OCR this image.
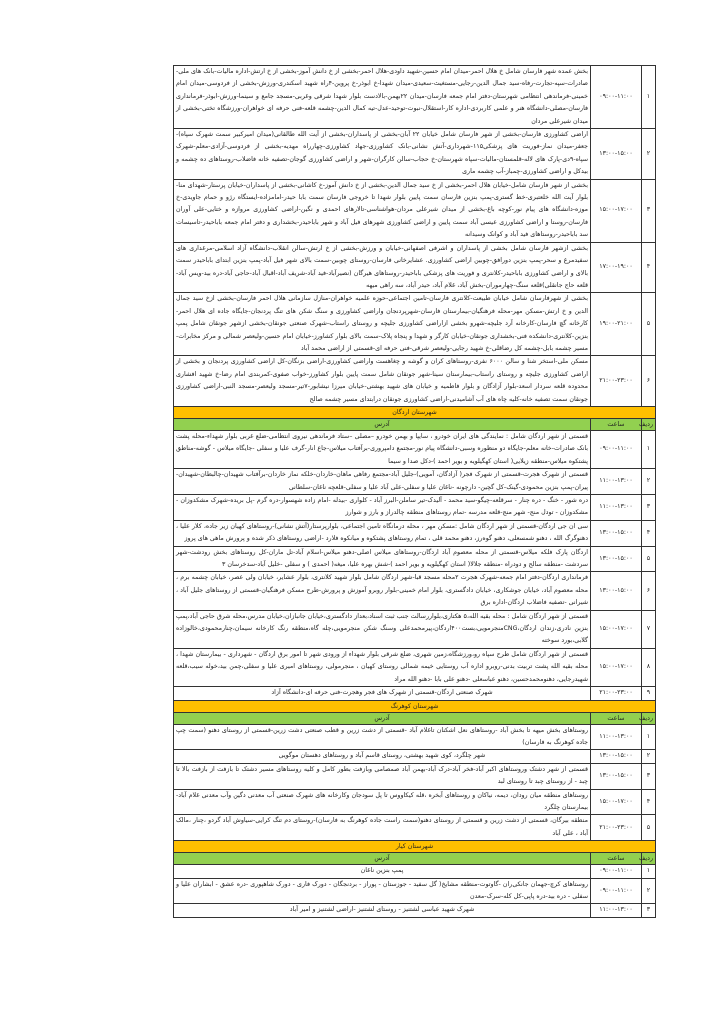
۱	۰۹:۰۰-۱۱:۰۰	بخش عمده شهر فارسان شامل خ هلال احمر-میدان امام حسین-شهید داودی-هلال احمر-بخشی از خ دانش آموز-بخشی از خ ارتش-اداره مالیات-بانک های ملی-صادرات-سپه-تجارت-رفاه-سید جمال الدین-رجایی-مستغیث-سعیدی-میدان شهدا-خ ابوذر-خ پروین-۴راه شهید اسکندری-ورزش-بخشی از فردوسی-میدان امام خمینی-فرماندهی انتظامی شهرستان-دفتر امام جمعه فارسان-میدان ۲۲بهمن-بالادست بلوار شهدا شرقی وغربی-مسجد جامع و سینما-ورزش-ابوذر-فرمانداری فارسان-مصلی-دانشگاه هنر و علمی کاربردی-اداره کار-استقلال-نبوت-توحید-عدل-تیه کمال الدین-چشمه قلعه-فنی حرفه ای خواهران-ورزشگاه تختی-بخشی از میدان شیرعلی مردان
۲	۱۳:۰۰-۱۵:۰۰	اراضی کشاورزی فارسان-بخشی از شهر فارسان شامل خیابان ۲۲ آبان-بخشی از پاسداران-بخشی از آیت الله طالقانی(میدان امیرکبیر سمت شهرک سپاه)-جعفر-میدان نماز-فوریت های پزشکی۱۱۵-شهرداری-آتش نشانی-بانک کشاورزی-جهاد کشاورزی-چهارراه مهدیه-بخشی از فردوسی-آزادی-معلم-شهرک سپاه-۹دی-پارک های لاله-قلمستان-مالیات-سپاه شهرستان-خ حجاب-سالن کارگران-شهر و اراضی کشاورزی گوجان-تصفیه خانه فاضلاب-روستاهای ده چشمه و بیدکل و اراضی کشاورزی-چمباز-آب چشمه ماری
۳	۱۵:۰۰-۱۷:۰۰	بخشی از شهر فارسان شامل-خیابان هلال احمر-بخشی از خ سید جمال الدین-بخشی از خ دانش آموز-خ کاشانی-بخشی از پاسداران-خیابان پرستار-شهدای منا-بلوار آیت الله خلعتبری-خط گستری-پمپ بنزین فارسان سمت پایین بلوار شهدا تا خروجی فارسان سمت بابا حیدر-امامزاده-ایستگاه رژو و حمام جاویدی-خ موزه-دانشگاه های پیام نور-کوچه باغ-بخشی از میدان شیرعلی مردان-هواشناسی-تالارهای احمدی و نگین-اراضی کشاورزی مروازه و ختایی-علی آوران فارسان-روستا و اراضی کشاورزی عیسی آباد سمت پایین و اراضی کشاورزی شهرهای فیل آباد و شهر باباحیدر-بخشداری و دفتر امام جمعه باباحیدر-تاسیسات سد باباحیدر-روستاهای فید آباد و کوانک وسیدانه
۴	۱۷:۰۰-۱۹:۰۰	بخشی ازشهر فارسان شامل بخشی از پاسداران و اشرفی اصفهانی-خیابان و ورزش-بخشی از خ ارتش-سالن انقلاب-دانشگاه آزاد اسلامی-مرغداری های سفیدمرغ و سحر-پمپ بنزین دورافق-چوبین اراضی کشاورزی. عشایرخانی فارسان-روستای چوبین-سمت بالای شهر فیل آباد-پمپ بنزین ابتدای باباحیدر سمت بالای و اراضی کشاورزی باباحیدر-کلانتری و فوریت های پزشکی باباحیدر-روستاهای هیرگان (نصیرآباد-فید آباد-شریف آباد-اقبال آباد-حاجی آباد-دره بید-ویس آباد-قلعه حاج جانقلی)قلعه سنگ-چهارموران-بخش آباد، غلام آباد، حیدر آباد، سه راهی میهه
۵	۱۹:۰۰-۲۱:۰۰	بخشی از شهرفارسان شامل خیابان طبیعت-کلانتری فارسان-تامین اجتماعی-حوزه علمیه خواهران-منازل سازمانی هلال احمر فارسان-بخشی ازخ سید جمال الدین و خ ارتش-مسکن مهر-محله فرهنگیان-بیمارستان فارسان-شهرپردنجان واراضی کشاورزی و سنگ شکن های تنگ پردنجان-جایگاه جاده ای هلال احمر-کارخانه گچ فارسان-کارخانه آرد جلیچه-شهرو بخشی ازاراضی کشاورزی جلیچه و روستای راستاب-شهرک صنعتی جونقان-بخشی ازشهر جونقان شامل پمپ بنزین-کلانتری-دانشکده فنی-بخشداری جونقان-خیابان کارگر و شهدا و پنجاه پلاک-سمت بالای بلوار کشاورز-خیابان امام حسین-ولیعصر شمالی و مرکز مخابرات-مسیر چشمه بابل-چشمه کل رضاقلی-خ شهید رجایی-ولیعصر شرقی-فنی حرفه ای-قسمتی از اراضی محمد آباد
۶	۲۱:۰۰-۲۳:۰۰	مسکن ملی-استخر شنا و سالن ۶۰۰۰ نفری-روستاهای کران و گوشه و چغاهست واراضی کشاورزی-اراضی بزنگان-کل اراضی کشاورزی پردنجان و بخشی از اراضی کشاورزی جلیچه و روستای راستاب-بیمارستان سینا-شهر جونقان شامل سمت پایین بلوار کشاورز-خواب صفوی-کمربندی امام رضا-خ شهید افشاری محدوده قلعه سردار اسعد-بلوار آزادگان و بلوار فاطمیه و خیابان های شهید بهشتی-خیابان میرزا نیشابور-۷تیر-مسجد ولیعصر-مسجد النبی-اراضی کشاورزی جونقان سمت تصفیه خانه-کلیه چاه های آب آشامیدنی-اراضی کشاورزی جونقان درابتدای مسیر چشمه صالح
شهرستان اردگان		
ردیف	ساعت	آدرس
۱	۰۹:۰۰-۱۱:۰۰	قسمتی از شهر اردگان شامل : نمایندگی های ایران خودرو ، سایپا و بهمن خودرو –مصلی –ستاد فرماندهی نیروی انتظامی-ضلع غربی بلوار شهداء-محله پشت بانک صادرات-خانه معلم-جایگاه دو منظوره وسبی-دانشگاه پیام نور-مجتمع دامپروری-برآفتاب میلاس-جاع انار-گرف علیا و سفلی -جایگاه میلاس - گوشه-مناطق پشتکوه میلاس-منطقه زیلایی( استان کهگیلویه و بویر احمد )-دکل صدا و سیما
۲	۱۱:۰۰-۱۳:۰۰	قسمتی از شهرک هجرت-قسمتی از شهرک فجر( آزادگان، آمویی)-جلیل آباد-مجتمع رفاهی ماهان-خاردان-خلکه نماز خاردان-برآفتاب شهیدان-چالبطان-شهیدان-پیران-پمپ بنزین محمودی-گینک-کل گچین- دارچونه -ناغان علیا و سفلی-علی آباد علیا و سفلی-قلعچه ناغان-سلطانی
۳	۱۱:۰۰-۱۳:۰۰	دره شور - خنگ - دره چنار - سرقلعه-چیگو-سید محمد - آلیدک-تیر ساملن-البرز آباد - کلواری -بیدله -امام زاده شهسوار-دره گرم -پل بریده-شهرک مشکدوزان - مشکدوزان - تودل منج- شهر منج-قلعه مدرسه -تمام روستاهای منطقه چالدراز و بارز و شوارز
۴	۱۳:۰۰-۱۵:۰۰	سی ان جی اردگان-قسمتی از شهر اردگان شامل :مسکن مهر ، محله درمانگاه تامین اجتماعی، بلوارپرستار(آتش نشانی)-روستاهای کهیان زیر جاده، کلار علیا ، دهنوگرگ الله ، دهنو شمسعلی، دهنو گوه‌رز، دهنو محمد قلی ، تمام روستاهای پشتکوه و میانکوه فلارد -اراضی روستاهای ذکر شده و پرورش ماهی های پروز
۵	۱۳:۰۰-۱۵:۰۰	اردگان پارک فلکه میلاس-قسمتی از محله معصوم آباد اردگان-روستاهای میلاس اصلی-دهنو میلاس-اسلام آباد-تل ماران-کل روستاهای بخش رودشت-شهر سردشت -منطقه سالح و دودراه -منطقه جلالا( استان کهگیلویه و بویر احمد )-شش بهره علیا، میغه( احمدی ) و سفلی -خلیل آباد-سدخرسان ۳
۶	۱۳:۰۰-۱۵:۰۰	فرمانداری اردگان-دفتر امام جمعه-شهرک هجرت ۲محله مسجد قبا-شهر اردگان شامل بلوار شهید کلانتری، بلوار عشایر، خیابان ولی عصر، خیابان چشمه برم ، محله معصوم آباد، خیابان جوشکاری، خیابان دادگستری، بلوار امام خمینی-بلوار روبرو آموزش و پرورش-طرح مسکن فرهنگیان-قسمتی از روستاهای جلیل آباد ، شیرانی -تصفیه فاضلاب اردگان-اداره برق
۷	۱۵:۰۰-۱۷:۰۰	قسمتی از شهر اردگان شامل : محله بقیه الله،۵ هکتاری،بلواررسالت جنب ثبت اسناد،بعداز دادگستری،خیابان جانبازان،خیابان مدرس،محله شرق حاجی آباد،پمپ بنزین نادری،زندان اردگان،CNGمنجرمویی،بست۴۰۰اردگان،پیرمحمدعلی وسنگ شکن منجرمویی،چله گاه،منطقه رنگ کارخانه سیمان،چنارمحمودی،خالوزاده گلابی،بورد سوخته
۸	۱۵:۰۰-۱۷:۰۰	قسمتی از شهر اردگان شامل طرح سپاه رو،ورزشگاه،زمین شهری، ضلع شرقی بلوار شهداء از ورودی شهر تا امور برق اردگان - شهرداری - بیمارستان شهدا ، محله بقیه الله پشت تربیت بدنی-روبرو اداره آب روستایی خیمه شمالی روستای کهیان ، منجرمولی، روستاهای امیری علیا و سفلی،چمن بید،خوله سیب،قلعه شهیدرجایی، دهنومحمدحسین، دهنو عباسعلی -دهنو علی بابا -دهنو الله مراد
۹	۲۱:۰۰-۲۳:۰۰	شهرک صنعتی اردگان-قسمتی از شهرک های فجر وهجرت-فنی حرفه ای-دانشگاه آزاد
شهرستان کوهرنگ		
ردیف	ساعت	آدرس
۱	۱۱:۰۰-۱۳:۰۰	روستاهای بخش میهه تا بخش آباد -روستاهای نعل اشکنان تاغلام آباد -قسمتی از دشت زرین و قطب صنعتی دشت زرین-قسمتی از روستای دهنو (سمت چپ جاده کوهرنگ به فارسان)
۲	۱۳:۰۰-۱۵:۰۰	شهر چلگرد، کوی شهید بهشتی، روستای قاسم آباد و روستاهای دهستان موگویی
۳	۱۳:۰۰-۱۵:۰۰	قسمتی از شهر دشتک وروستاهای اکبر آباد-فخر آباد-درک آباد-بهمن آباد صمصامی وبازفت بطور کامل و کلیه روستاهای مسیر دشتک تا بازفت از بازفت بالا تا چبد - از روستای چبد تا روستای لبد
۴	۱۵:۰۰-۱۷:۰۰	روستاهای منطقه میان رودان، دیمه، نیاکان و روستاهای آبخره ،قله کیکاووس تا پل سودجان وکارخانه های شهرک صنعتی آب معدنی دگین وآب معدنی غلام آباد-بیمارستان چلگرد
۵	۲۱:۰۰-۲۳:۰۰	منطقه بیرگان، قسمتی از دشت زرین و قسمتی از روستای دهنو(سمت راست جاده کوهرنگ به فارسان)-روستای دم تنگ کرایی-سیاوش آباد گردو ،چنار ،مالک آباد ، علی آباد
شهرستان کیار		
ردیف	ساعت	آدرس
۱	۰۹:۰۰-۱۱:۰۰	پمپ بنزین ناغان
۲	۰۹:۰۰-۱۱:۰۰	روستاهای کرچ-جهمان جانکی‌ران -گاوتوت-منطقه مشایخ( گل سفید - جوزستان - پوراز - بردنجگان - دورک فاری - دورک شاهپوری -دره عشق - ابشاران علیا و سفلی - دره بید-دره پاپی-کل کله-سرک-معدن
۳	۱۱:۰۰-۱۳:۰۰	شهرک شهید عباسی لشتنیز - روستای لشتنیز -اراضی لشتنیز و امیر آباد
